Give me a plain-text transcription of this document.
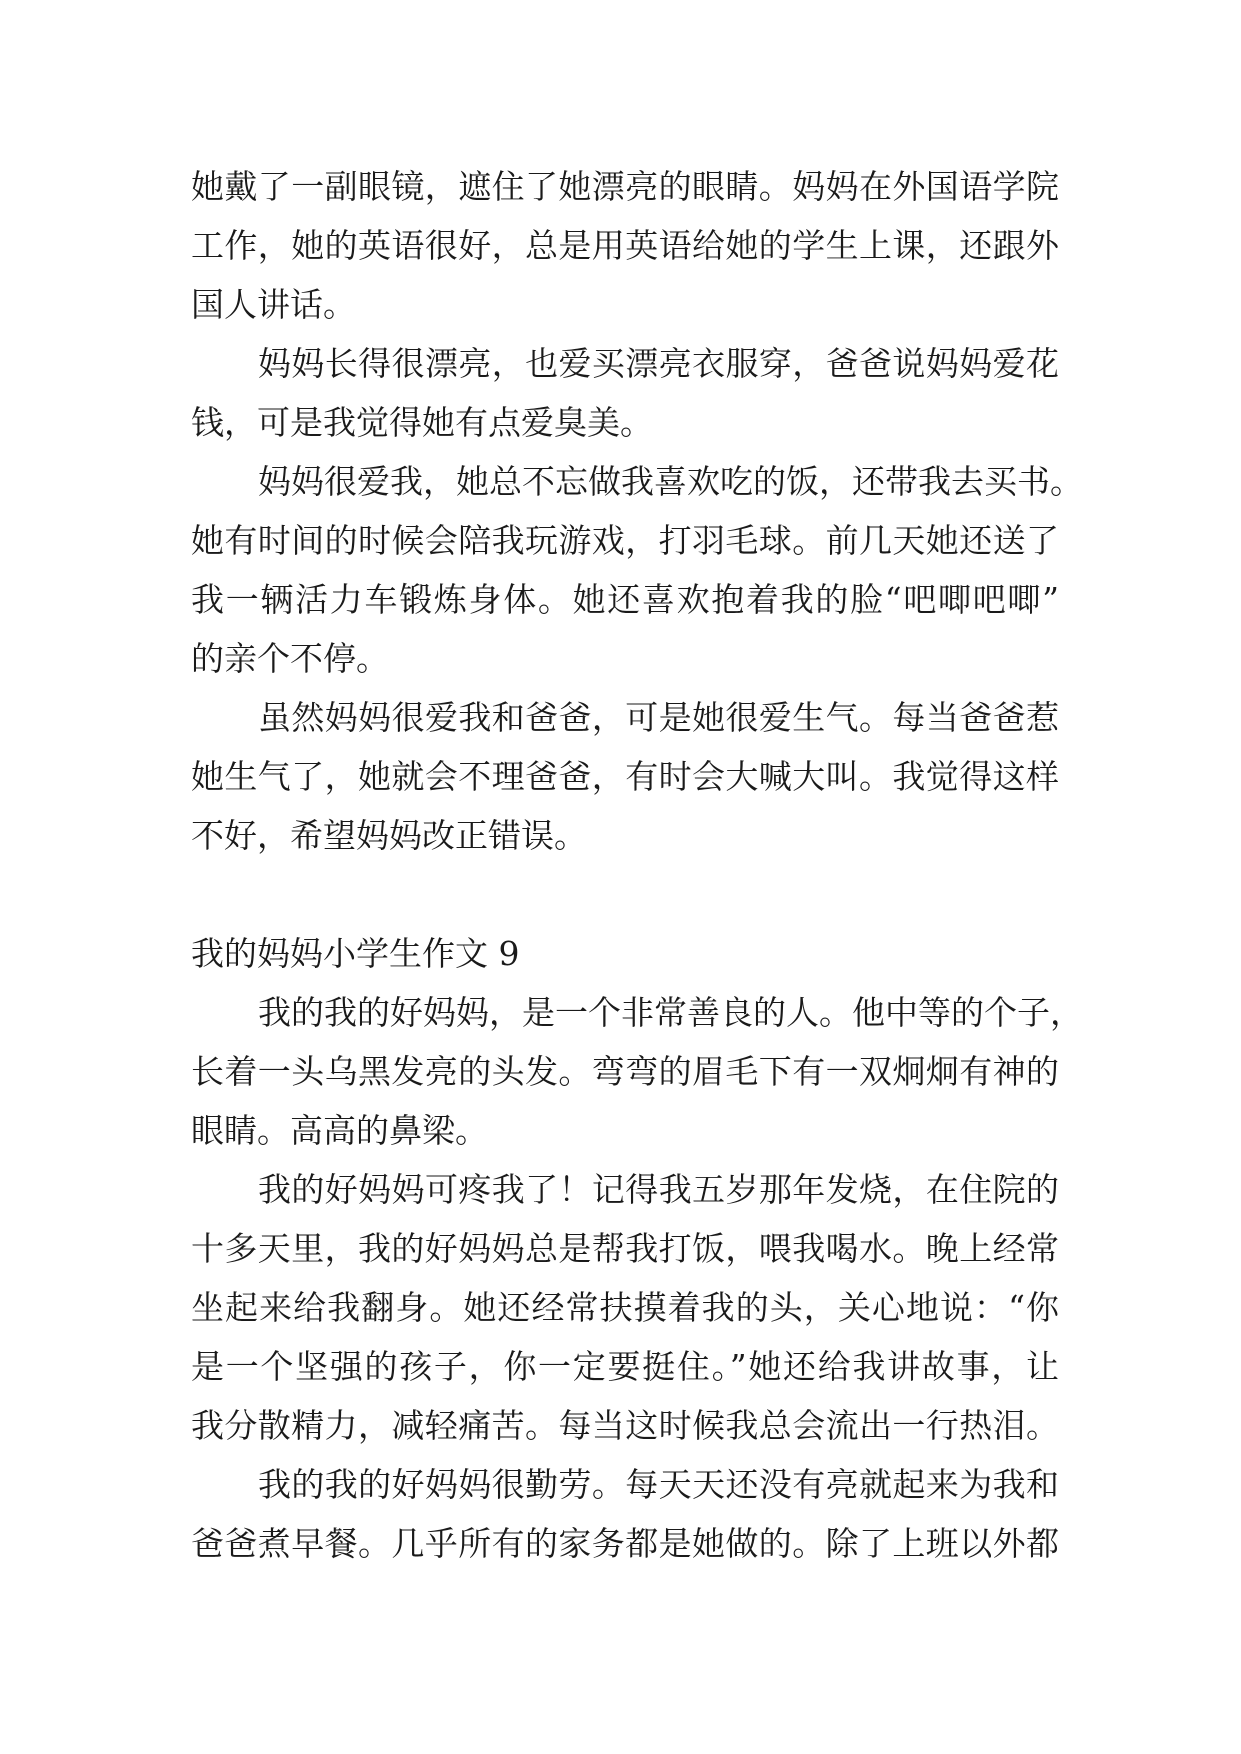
她戴了一副眼镜，遮住了她漂亮的眼睛。妈妈在外国语学院
工作，她的英语很好，总是用英语给她的学生上课，还跟外
国人讲话。
妈妈长得很漂亮，也爱买漂亮衣服穿，爸爸说妈妈爱花
钱，可是我觉得她有点爱臭美。
妈妈很爱我，她总不忘做我喜欢吃的饭，还带我去买书。
她有时间的时候会陪我玩游戏，打羽毛球。前几天她还送了
我一辆活力车锻炼身体。她还喜欢抱着我的脸“吧唧吧唧”
的亲个不停。
虽然妈妈很爱我和爸爸，可是她很爱生气。每当爸爸惹
她生气了，她就会不理爸爸，有时会大喊大叫。我觉得这样
不好，希望妈妈改正错误。
我的妈妈小学生作文 9
我的我的好妈妈，是一个非常善良的人。他中等的个子，
长着一头乌黑发亮的头发。弯弯的眉毛下有一双炯炯有神的
眼睛。高高的鼻梁。
我的好妈妈可疼我了！记得我五岁那年发烧，在住院的
十多天里，我的好妈妈总是帮我打饭，喂我喝水。晚上经常
坐起来给我翻身。她还经常扶摸着我的头，关心地说：“你
是一个坚强的孩子，你一定要挺住。”她还给我讲故事，让
我分散精力，减轻痛苦。每当这时候我总会流出一行热泪。
我的我的好妈妈很勤劳。每天天还没有亮就起来为我和
爸爸煮早餐。几乎所有的家务都是她做的。除了上班以外都
